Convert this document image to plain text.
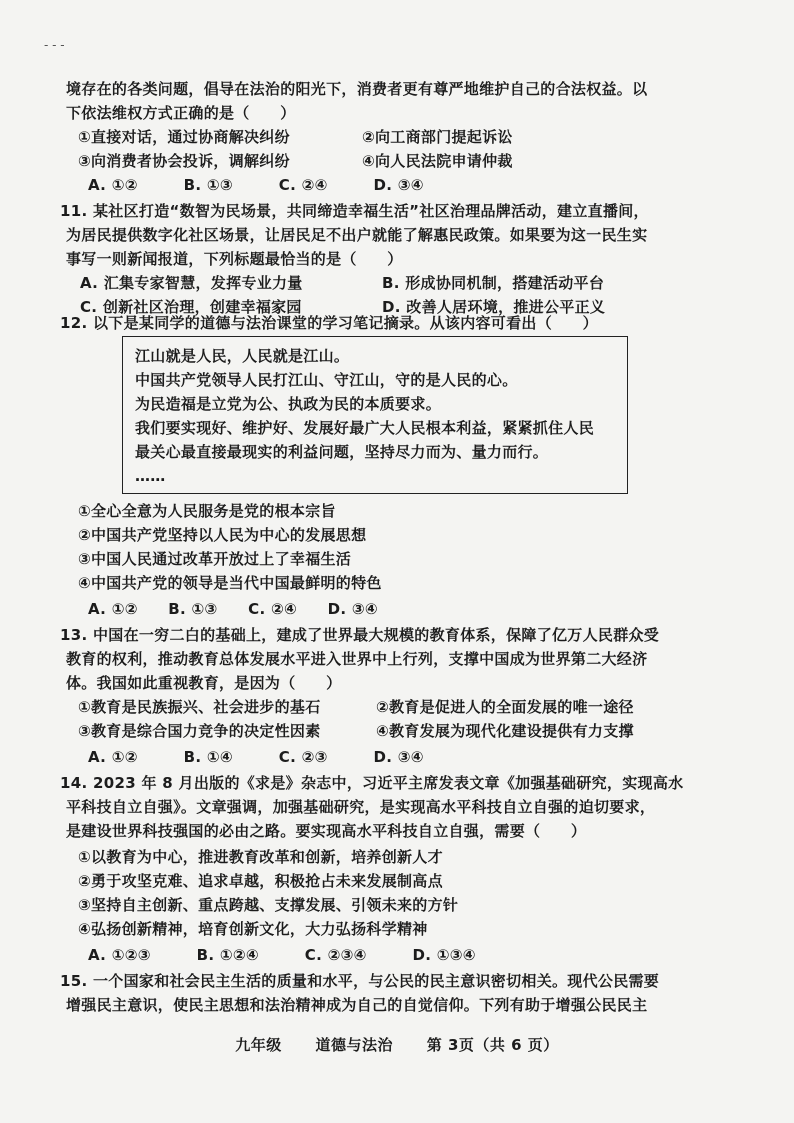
- - -
境存在的各类问题，倡导在法治的阳光下，消费者更有尊严地维护自己的合法权益。以
下依法维权方式正确的是（　　）
①直接对话，通过协商解决纠纷	②向工商部门提起诉讼
③向消费者协会投诉，调解纠纷	④向人民法院申请仲裁
A. ①②　　　B. ①③　　　C. ②④　　　D. ③④
11. 某社区打造“数智为民场景，共同缔造幸福生活”社区治理品牌活动，建立直播间，
为居民提供数字化社区场景，让居民足不出户就能了解惠民政策。如果要为这一民生实
事写一则新闻报道，下列标题最恰当的是（　　）
A. 汇集专家智慧，发挥专业力量	B. 形成协同机制，搭建活动平台
C. 创新社区治理，创建幸福家园	D. 改善人居环境，推进公平正义
12. 以下是某同学的道德与法治课堂的学习笔记摘录。从该内容可看出（　　）
江山就是人民，人民就是江山。
中国共产党领导人民打江山、守江山，守的是人民的心。
为民造福是立党为公、执政为民的本质要求。
我们要实现好、维护好、发展好最广大人民根本利益，紧紧抓住人民
最关心最直接最现实的利益问题，坚持尽力而为、量力而行。
……
①全心全意为人民服务是党的根本宗旨
②中国共产党坚持以人民为中心的发展思想
③中国人民通过改革开放过上了幸福生活
④中国共产党的领导是当代中国最鲜明的特色
A. ①②　　B. ①③　　C. ②④　　D. ③④
13. 中国在一穷二白的基础上，建成了世界最大规模的教育体系，保障了亿万人民群众受
教育的权利，推动教育总体发展水平进入世界中上行列，支撑中国成为世界第二大经济
体。我国如此重视教育，是因为（　　）
①教育是民族振兴、社会进步的基石	②教育是促进人的全面发展的唯一途径
③教育是综合国力竞争的决定性因素	④教育发展为现代化建设提供有力支撑
A. ①②　　　B. ①④　　　C. ②③　　　D. ③④
14. 2023 年 8 月出版的《求是》杂志中，习近平主席发表文章《加强基础研究，实现高水
平科技自立自强》。文章强调，加强基础研究，是实现高水平科技自立自强的迫切要求，
是建设世界科技强国的必由之路。要实现高水平科技自立自强，需要（　　）
①以教育为中心，推进教育改革和创新，培养创新人才
②勇于攻坚克难、追求卓越，积极抢占未来发展制高点
③坚持自主创新、重点跨越、支撑发展、引领未来的方针
④弘扬创新精神，培育创新文化，大力弘扬科学精神
A. ①②③　　　B. ①②④　　　C. ②③④　　　D. ①③④
15. 一个国家和社会民主生活的质量和水平，与公民的民主意识密切相关。现代公民需要
增强民主意识，使民主思想和法治精神成为自己的自觉信仰。下列有助于增强公民民主
九年级 道德与法治 第 3页（共 6 页）
